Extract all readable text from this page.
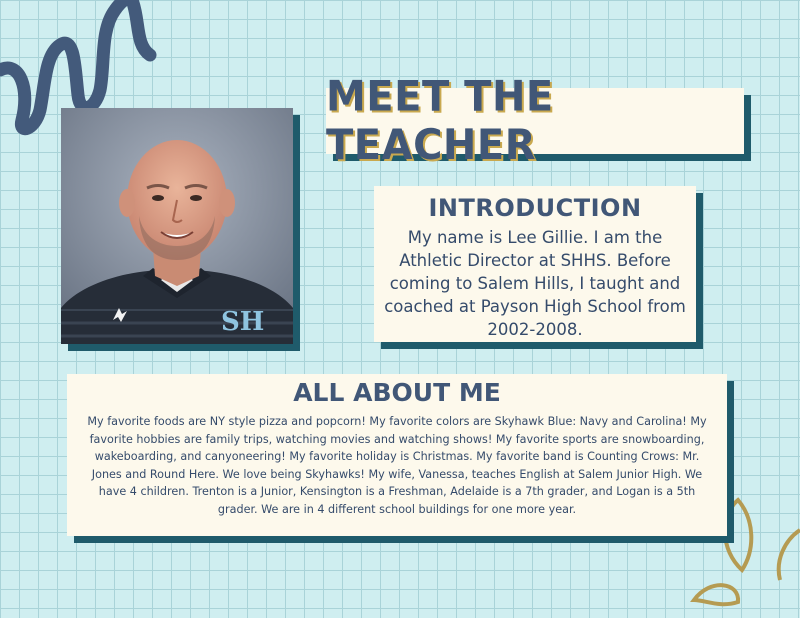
MEET THE TEACHER
SH
INTRODUCTION
My name is Lee Gillie. I am the Athletic Director at SHHS. Before coming to Salem Hills, I taught and coached at Payson High School from 2002-2008.
ALL ABOUT ME
My favorite foods are NY style pizza and popcorn! My favorite colors are Skyhawk Blue: Navy and Carolina! My favorite hobbies are family trips, watching movies and watching shows! My favorite sports are snowboarding, wakeboarding, and canyoneering! My favorite holiday is Christmas. My favorite band is Counting Crows: Mr. Jones and Round Here. We love being Skyhawks! My wife, Vanessa, teaches English at Salem Junior High. We have 4 children. Trenton is a Junior, Kensington is a Freshman, Adelaide is a 7th grader, and Logan is a 5th grader. We are in 4 different school buildings for one more year.
